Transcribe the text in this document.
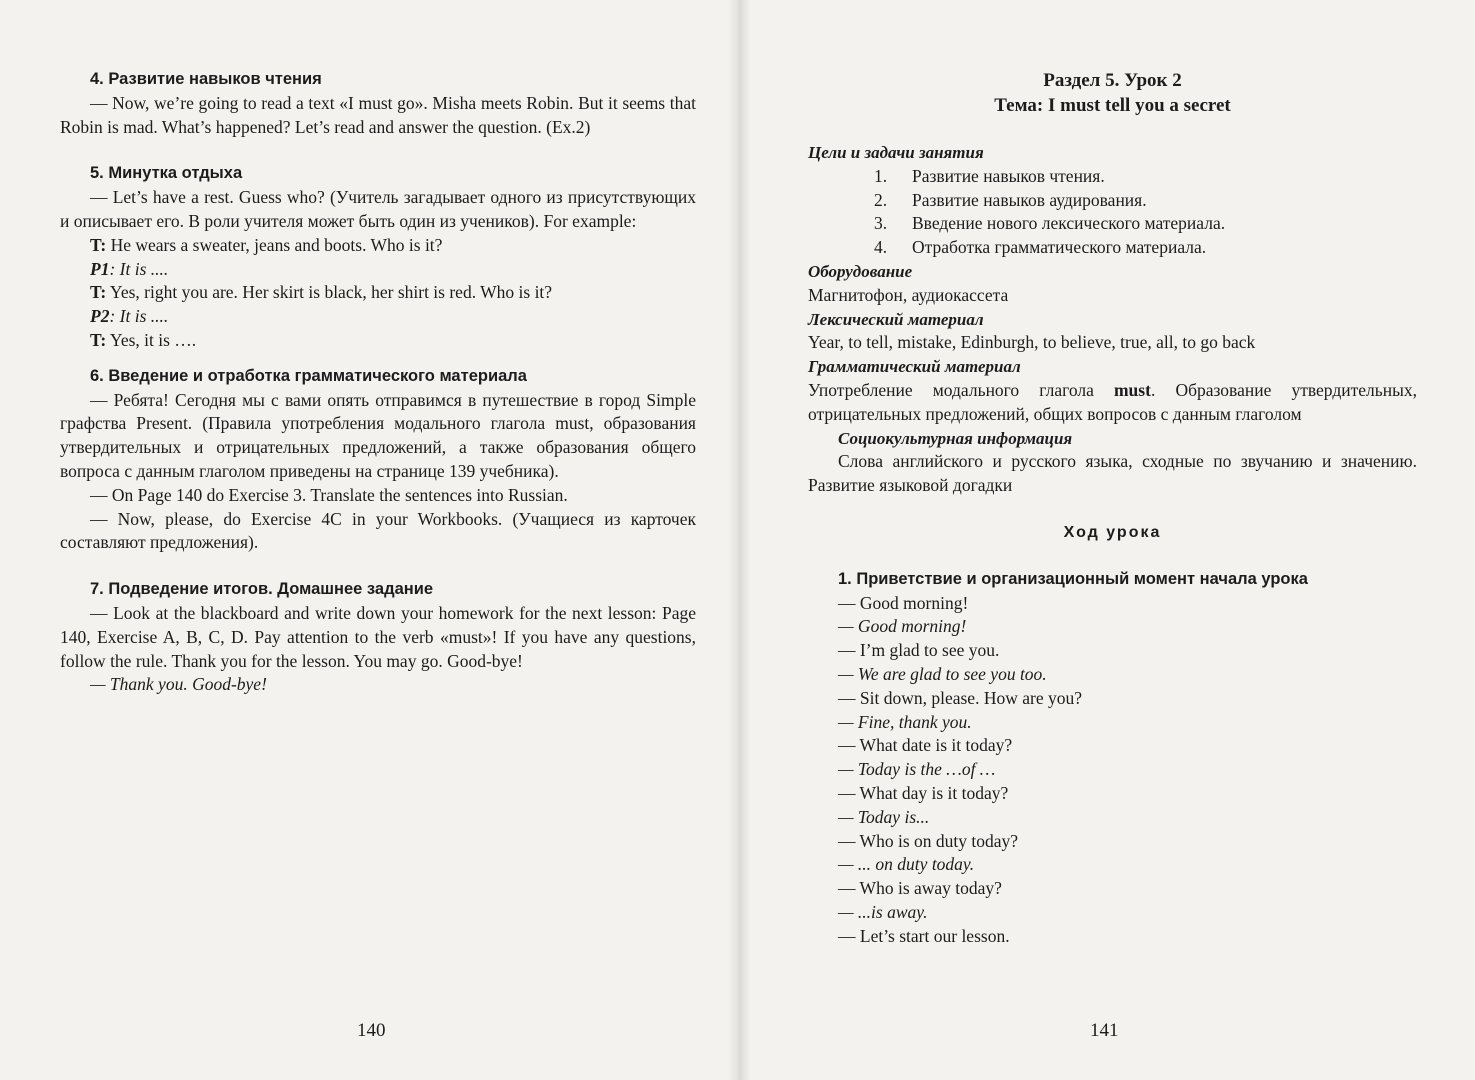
4. Развитие навыков чтения

— Now, we’re going to read a text «I must go». Misha meets Robin. But it seems that Robin is mad. What’s happened? Let’s read and answer the question. (Ex.2)

5. Минутка отдыха

— Let’s have a rest. Guess who? (Учитель загадывает одного из присутствующих и описывает его. В роли учителя может быть один из учеников). For example:

T: He wears a sweater, jeans and boots. Who is it?

P1: It is ....

T: Yes, right you are. Her skirt is black, her shirt is red. Who is it?

P2: It is ....

T: Yes, it is ….

6. Введение и отработка грамматического материала

— Ребята! Сегодня мы с вами опять отправимся в путешествие в город Simple графства Present. (Правила употребления модального глагола must, образования утвердительных и отрицательных предложений, а также образования общего вопроса с данным глаголом приведены на странице 139 учебника).

— On Page 140 do Exercise 3. Translate the sentences into Russian.

— Now, please, do Exercise 4C in your Workbooks. (Учащиеся из карточек составляют предложения).

7. Подведение итогов. Домашнее задание

— Look at the blackboard and write down your homework for the next lesson: Page 140, Exercise A, B, C, D. Pay attention to the verb «must»! If you have any questions, follow the rule. Thank you for the lesson. You may go. Good-bye!

— Thank you. Good-bye!

140

Раздел 5. Урок 2

Тема: I must tell you a secret

Цели и задачи занятия

1.	Развитие навыков чтения.
2.	Развитие навыков аудирования.
3.	Введение нового лексического материала.
4.	Отработка грамматического материала.

Оборудование

Магнитофон, аудиокассета

Лексический материал

Year, to tell, mistake, Edinburgh, to believe, true, all, to go back

Грамматический материал

Употребление модального глагола must. Образование утвердительных, отрицательных предложений, общих вопросов с данным глаголом

Социокультурная информация

Слова английского и русского языка, сходные по звучанию и значению. Развитие языковой догадки

Ход урока

1. Приветствие и организационный момент начала урока

— Good morning!

— Good morning!

— I’m glad to see you.

— We are glad to see you too.

— Sit down, please. How are you?

— Fine, thank you.

— What date is it today?

— Today is the …of …

— What day is it today?

— Today is...

— Who is on duty today?

— ... on duty today.

— Who is away today?

— ...is away.

— Let’s start our lesson.

141
